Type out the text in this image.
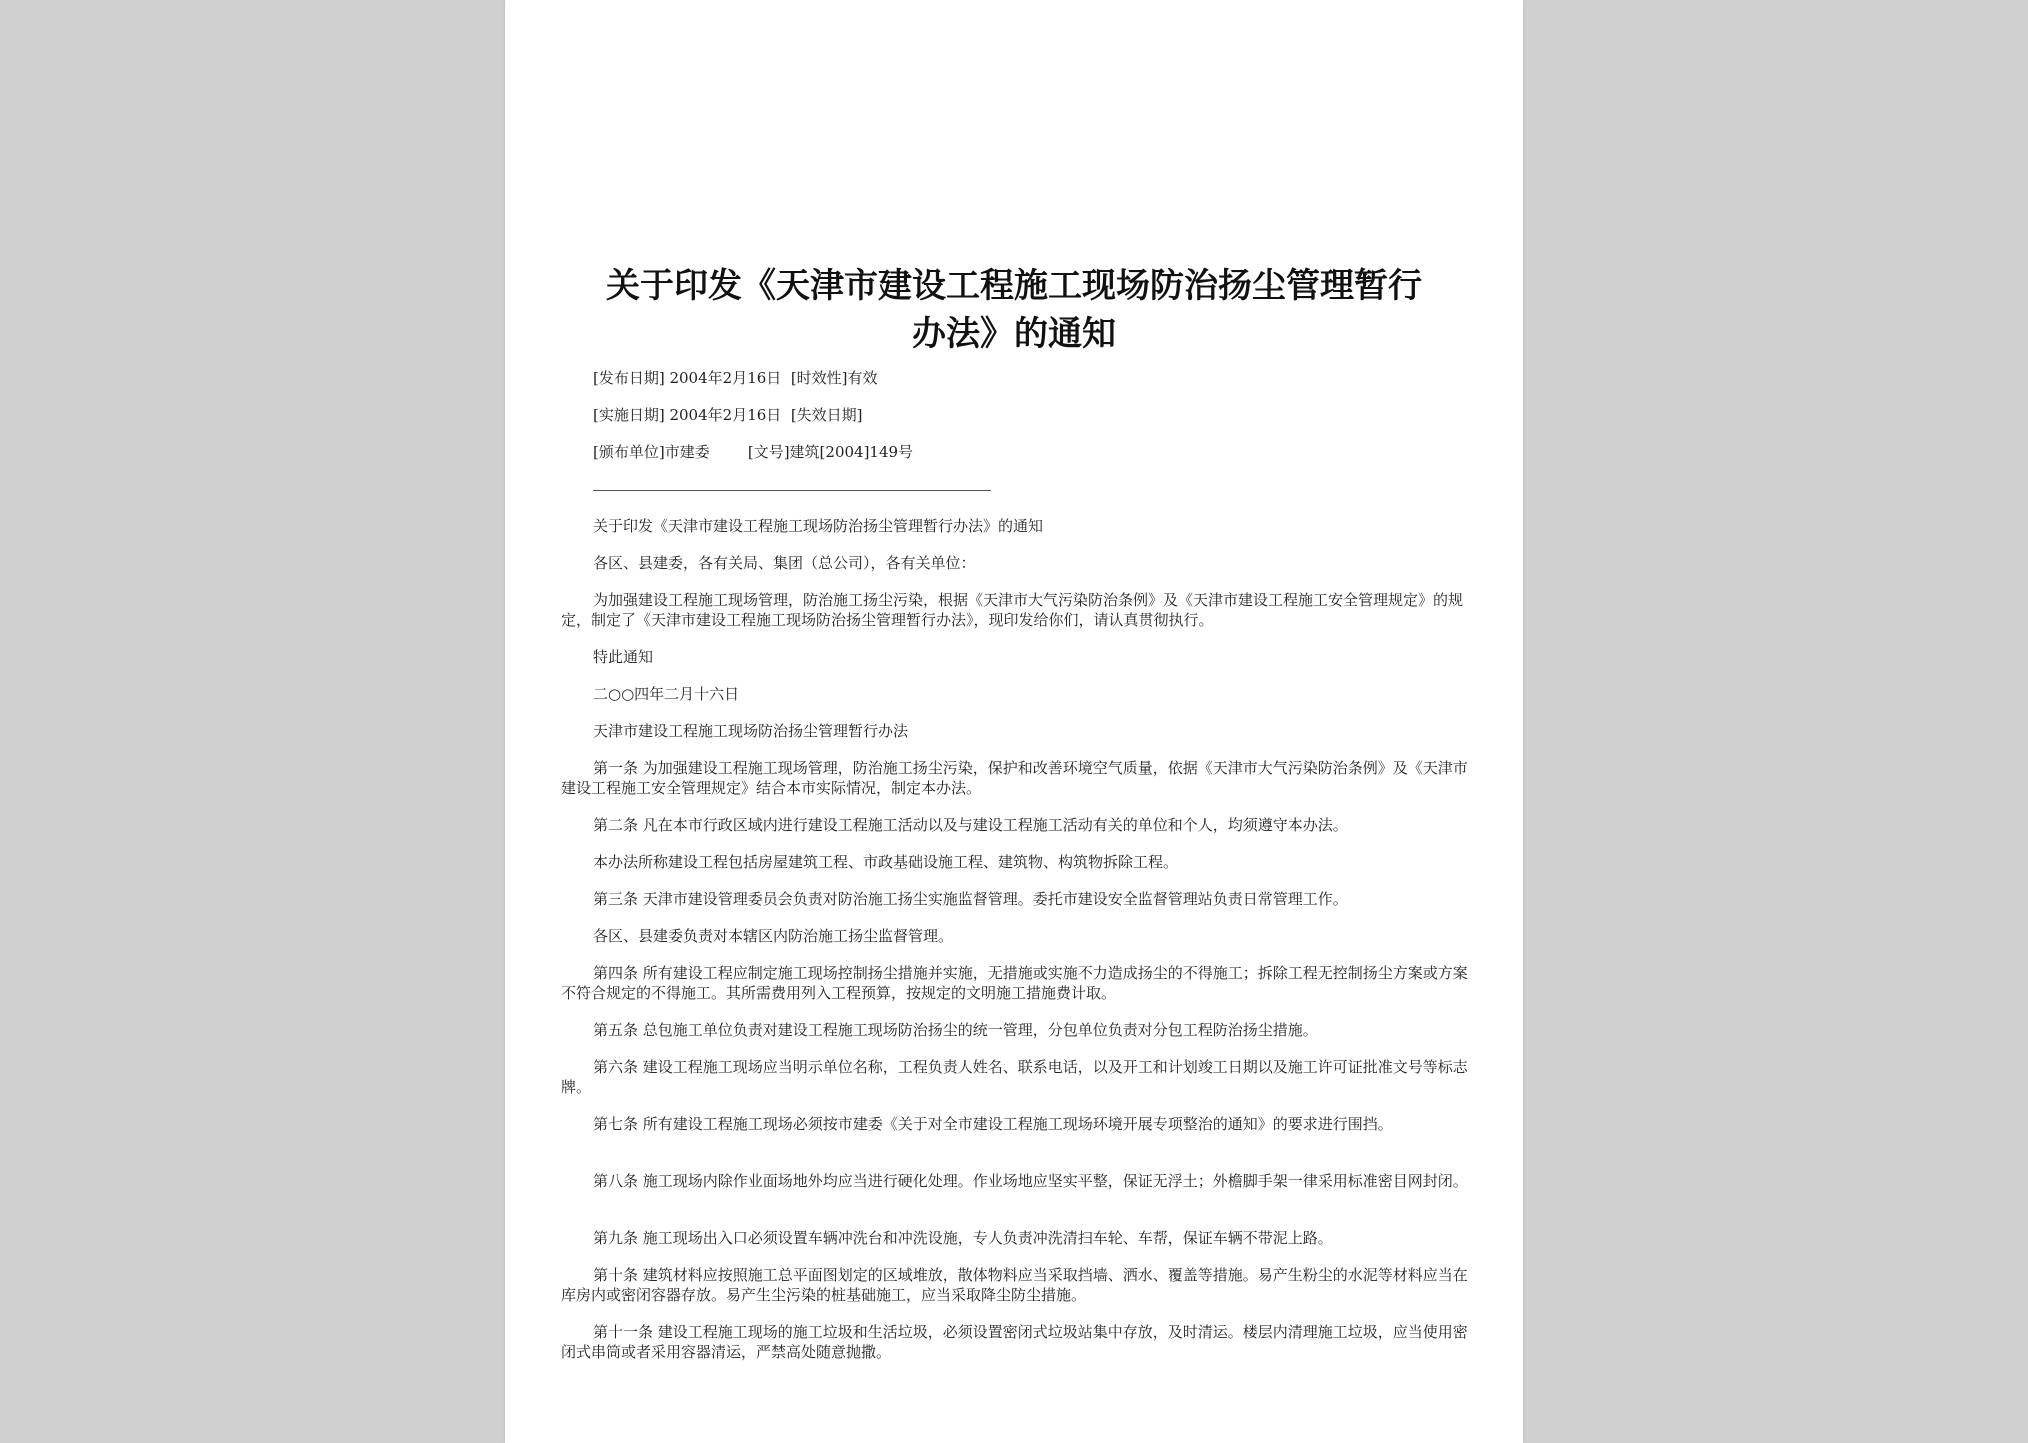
关于印发《天津市建设工程施工现场防治扬尘管理暂行
办法》的通知
[发布日期] 2004年2月16日  [时效性]有效
[实施日期] 2004年2月16日  [失效日期]
[颁布单位]市建委        [文号]建筑[2004]149号
关于印发《天津市建设工程施工现场防治扬尘管理暂行办法》的通知
各区、县建委，各有关局、集团（总公司），各有关单位：
为加强建设工程施工现场管理，防治施工扬尘污染，根据《天津市大气污染防治条例》及《天津市建设工程施工安全管理规定》的规定，制定了《天津市建设工程施工现场防治扬尘管理暂行办法》，现印发给你们，请认真贯彻执行。
特此通知
二○○四年二月十六日
天津市建设工程施工现场防治扬尘管理暂行办法
第一条 为加强建设工程施工现场管理，防治施工扬尘污染，保护和改善环境空气质量，依据《天津市大气污染防治条例》及《天津市建设工程施工安全管理规定》结合本市实际情况，制定本办法。
第二条 凡在本市行政区域内进行建设工程施工活动以及与建设工程施工活动有关的单位和个人，均须遵守本办法。
本办法所称建设工程包括房屋建筑工程、市政基础设施工程、建筑物、构筑物拆除工程。
第三条 天津市建设管理委员会负责对防治施工扬尘实施监督管理。委托市建设安全监督管理站负责日常管理工作。
各区、县建委负责对本辖区内防治施工扬尘监督管理。
第四条 所有建设工程应制定施工现场控制扬尘措施并实施，无措施或实施不力造成扬尘的不得施工；拆除工程无控制扬尘方案或方案不符合规定的不得施工。其所需费用列入工程预算，按规定的文明施工措施费计取。
第五条 总包施工单位负责对建设工程施工现场防治扬尘的统一管理，分包单位负责对分包工程防治扬尘措施。
第六条 建设工程施工现场应当明示单位名称，工程负责人姓名、联系电话，以及开工和计划竣工日期以及施工许可证批准文号等标志牌。
第七条 所有建设工程施工现场必须按市建委《关于对全市建设工程施工现场环境开展专项整治的通知》的要求进行围挡。
第八条 施工现场内除作业面场地外均应当进行硬化处理。作业场地应坚实平整，保证无浮土；外檐脚手架一律采用标准密目网封闭。
第九条 施工现场出入口必须设置车辆冲洗台和冲洗设施，专人负责冲洗清扫车轮、车帮，保证车辆不带泥上路。
第十条 建筑材料应按照施工总平面图划定的区域堆放，散体物料应当采取挡墙、洒水、覆盖等措施。易产生粉尘的水泥等材料应当在库房内或密闭容器存放。易产生尘污染的桩基础施工，应当采取降尘防尘措施。
第十一条 建设工程施工现场的施工垃圾和生活垃圾，必须设置密闭式垃圾站集中存放，及时清运。楼层内清理施工垃圾，应当使用密闭式串筒或者采用容器清运，严禁高处随意抛撒。
